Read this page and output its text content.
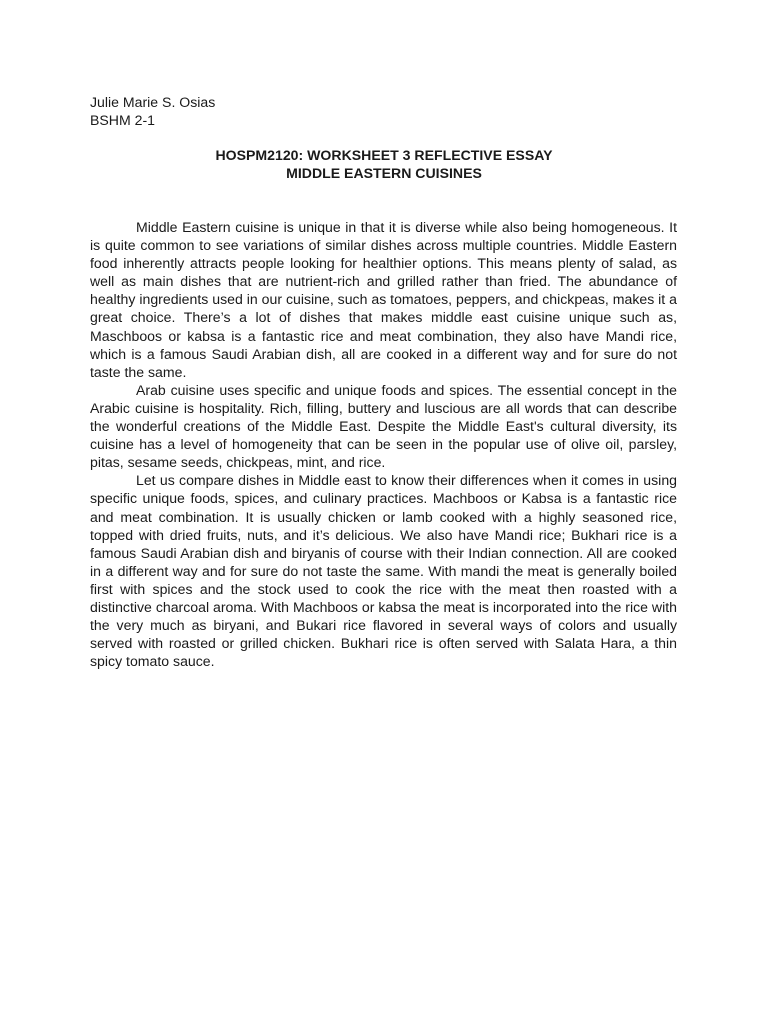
Julie Marie S. Osias
BSHM 2-1
HOSPM2120: WORKSHEET 3 REFLECTIVE ESSAY
MIDDLE EASTERN CUISINES

Middle Eastern cuisine is unique in that it is diverse while also being homogeneous. It is quite common to see variations of similar dishes across multiple countries. Middle Eastern food inherently attracts people looking for healthier options. This means plenty of salad, as well as main dishes that are nutrient-rich and grilled rather than fried. The abundance of healthy ingredients used in our cuisine, such as tomatoes, peppers, and chickpeas, makes it a great choice. There’s a lot of dishes that makes middle east cuisine unique such as, Maschboos or kabsa is a fantastic rice and meat combination, they also have Mandi rice, which is a famous Saudi Arabian dish, all are cooked in a different way and for sure do not taste the same.

Arab cuisine uses specific and unique foods and spices. The essential concept in the Arabic cuisine is hospitality. Rich, filling, buttery and luscious are all words that can describe the wonderful creations of the Middle East. Despite the Middle East's cultural diversity, its cuisine has a level of homogeneity that can be seen in the popular use of olive oil, parsley, pitas, sesame seeds, chickpeas, mint, and rice.

Let us compare dishes in Middle east to know their differences when it comes in using specific unique foods, spices, and culinary practices. Machboos or Kabsa is a fantastic rice and meat combination. It is usually chicken or lamb cooked with a highly seasoned rice, topped with dried fruits, nuts, and it’s delicious. We also have Mandi rice; Bukhari rice is a famous Saudi Arabian dish and biryanis of course with their Indian connection. All are cooked in a different way and for sure do not taste the same. With mandi the meat is generally boiled first with spices and the stock used to cook the rice with the meat then roasted with a distinctive charcoal aroma. With Machboos or kabsa the meat is incorporated into the rice with the very much as biryani, and Bukari rice flavored in several ways of colors and usually served with roasted or grilled chicken. Bukhari rice is often served with Salata Hara, a thin spicy tomato sauce.
